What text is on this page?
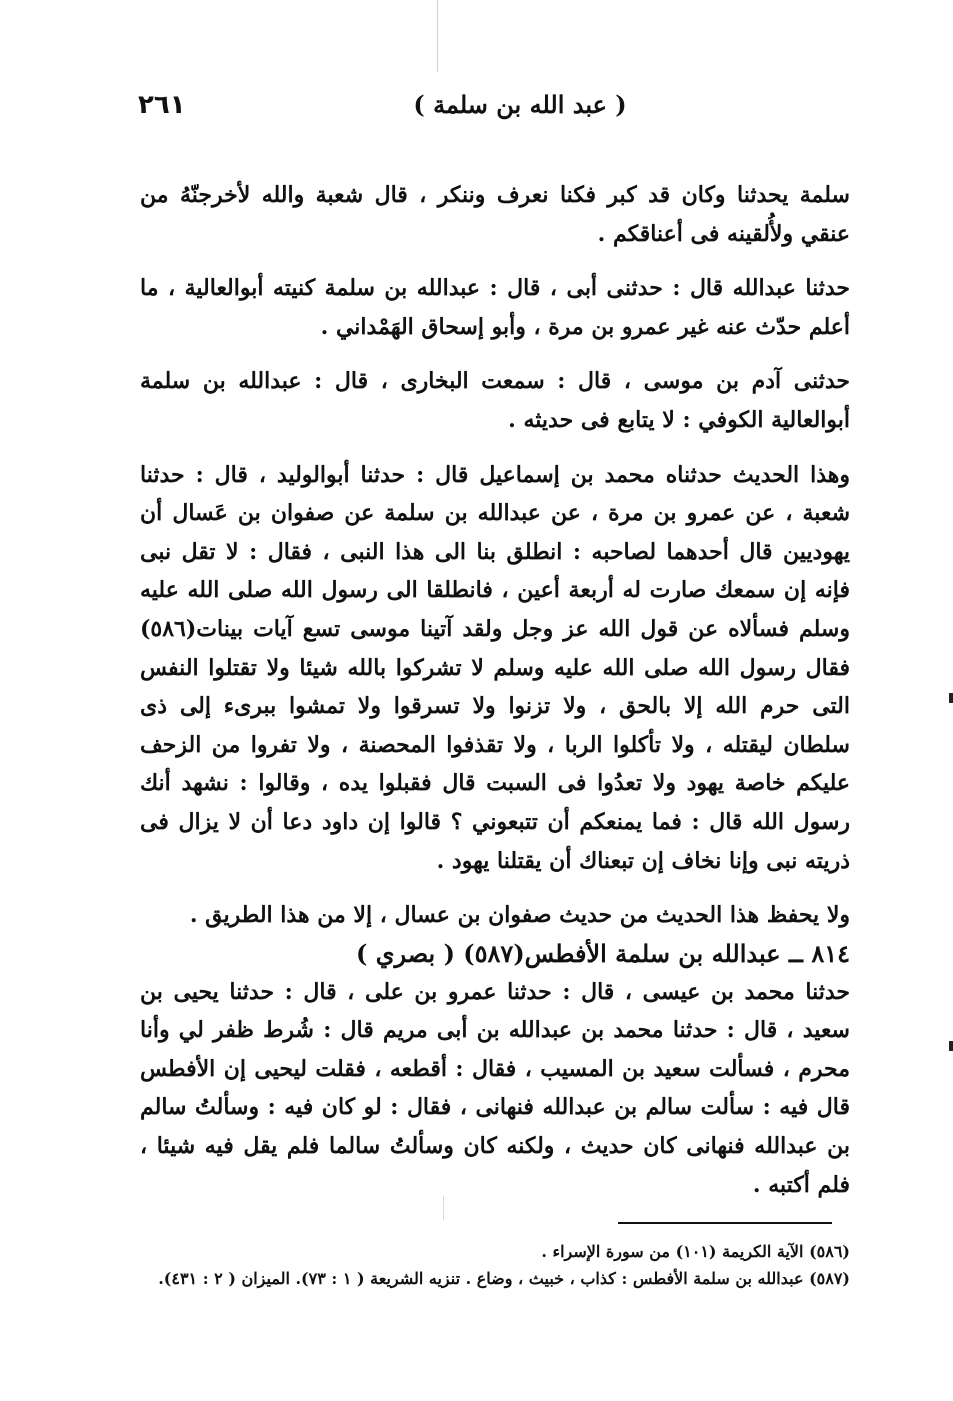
٢٦١	( عبد الله بن سلمة )

سلمة يحدثنا وكان قد كبر فكنا نعرف وننكر ، قال شعبة والله لأخرجنّهُ من عنقي ولأُلقينه فى أعناقكم .

حدثنا عبدالله قال : حدثنى أبى ، قال : عبدالله بن سلمة كنيته أبوالعالية ، ما أعلم حدّث عنه غير عمرو بن مرة ، وأبو إسحاق الهَمْداني .

حدثنى آدم بن موسى ، قال : سمعت البخارى ، قال : عبدالله بن سلمة أبوالعالية الكوفي : لا يتابع فى حديثه .

وهذا الحديث حدثناه محمد بن إسماعيل قال : حدثنا أبوالوليد ، قال : حدثنا شعبة ، عن عمرو بن مرة ، عن عبدالله بن سلمة عن صفوان بن عَسال أن يهوديين قال أحدهما لصاحبه : انطلق بنا الى هذا النبى ، فقال : لا تقل نبى فإنه إن سمعك صارت له أربعة أعين ، فانطلقا الى رسول الله صلى الله عليه وسلم فسألاه عن قول الله عز وجل ولقد آتينا موسى تسع آيات بينات(٥٨٦) فقال رسول الله صلى الله عليه وسلم لا تشركوا بالله شيئا ولا تقتلوا النفس التى حرم الله إلا بالحق ، ولا تزنوا ولا تسرقوا ولا تمشوا ببرىء إلى ذى سلطان ليقتله ، ولا تأكلوا الربا ، ولا تقذفوا المحصنة ، ولا تفروا من الزحف عليكم خاصة يهود ولا تعدُوا فى السبت قال فقبلوا يده ، وقالوا : نشهد أنك رسول الله قال : فما يمنعكم أن تتبعوني ؟ قالوا إن داود دعا أن لا يزال فى ذريته نبى وإنا نخاف إن تبعناك أن يقتلنا يهود .

ولا يحفظ هذا الحديث من حديث صفوان بن عسال ، إلا من هذا الطريق .

٨١٤ ــ عبدالله بن سلمة الأفطس(٥٨٧) ( بصري )

حدثنا محمد بن عيسى ، قال : حدثنا عمرو بن على ، قال : حدثنا يحيى بن سعيد ، قال : حدثنا محمد بن عبدالله بن أبى مريم قال : شُرط ظفر لي وأنا محرم ، فسألت سعيد بن المسيب ، فقال : أقطعه ، فقلت ليحيى إن الأفطس قال فيه : سألت سالم بن عبدالله فنهانى ، فقال : لو كان فيه : وسألتُ سالم بن عبدالله فنهانى كان حديث ، ولكنه كان وسألتُ سالما فلم يقل فيه شيئا ، فلم أكتبه .

(٥٨٦) الآية الكريمة (١٠١) من سورة الإسراء .

(٥٨٧) عبدالله بن سلمة الأفطس : كذاب ، خبيث ، وضاع . تنزيه الشريعة ( ١ : ٧٣). الميزان ( ٢ : ٤٣١).
